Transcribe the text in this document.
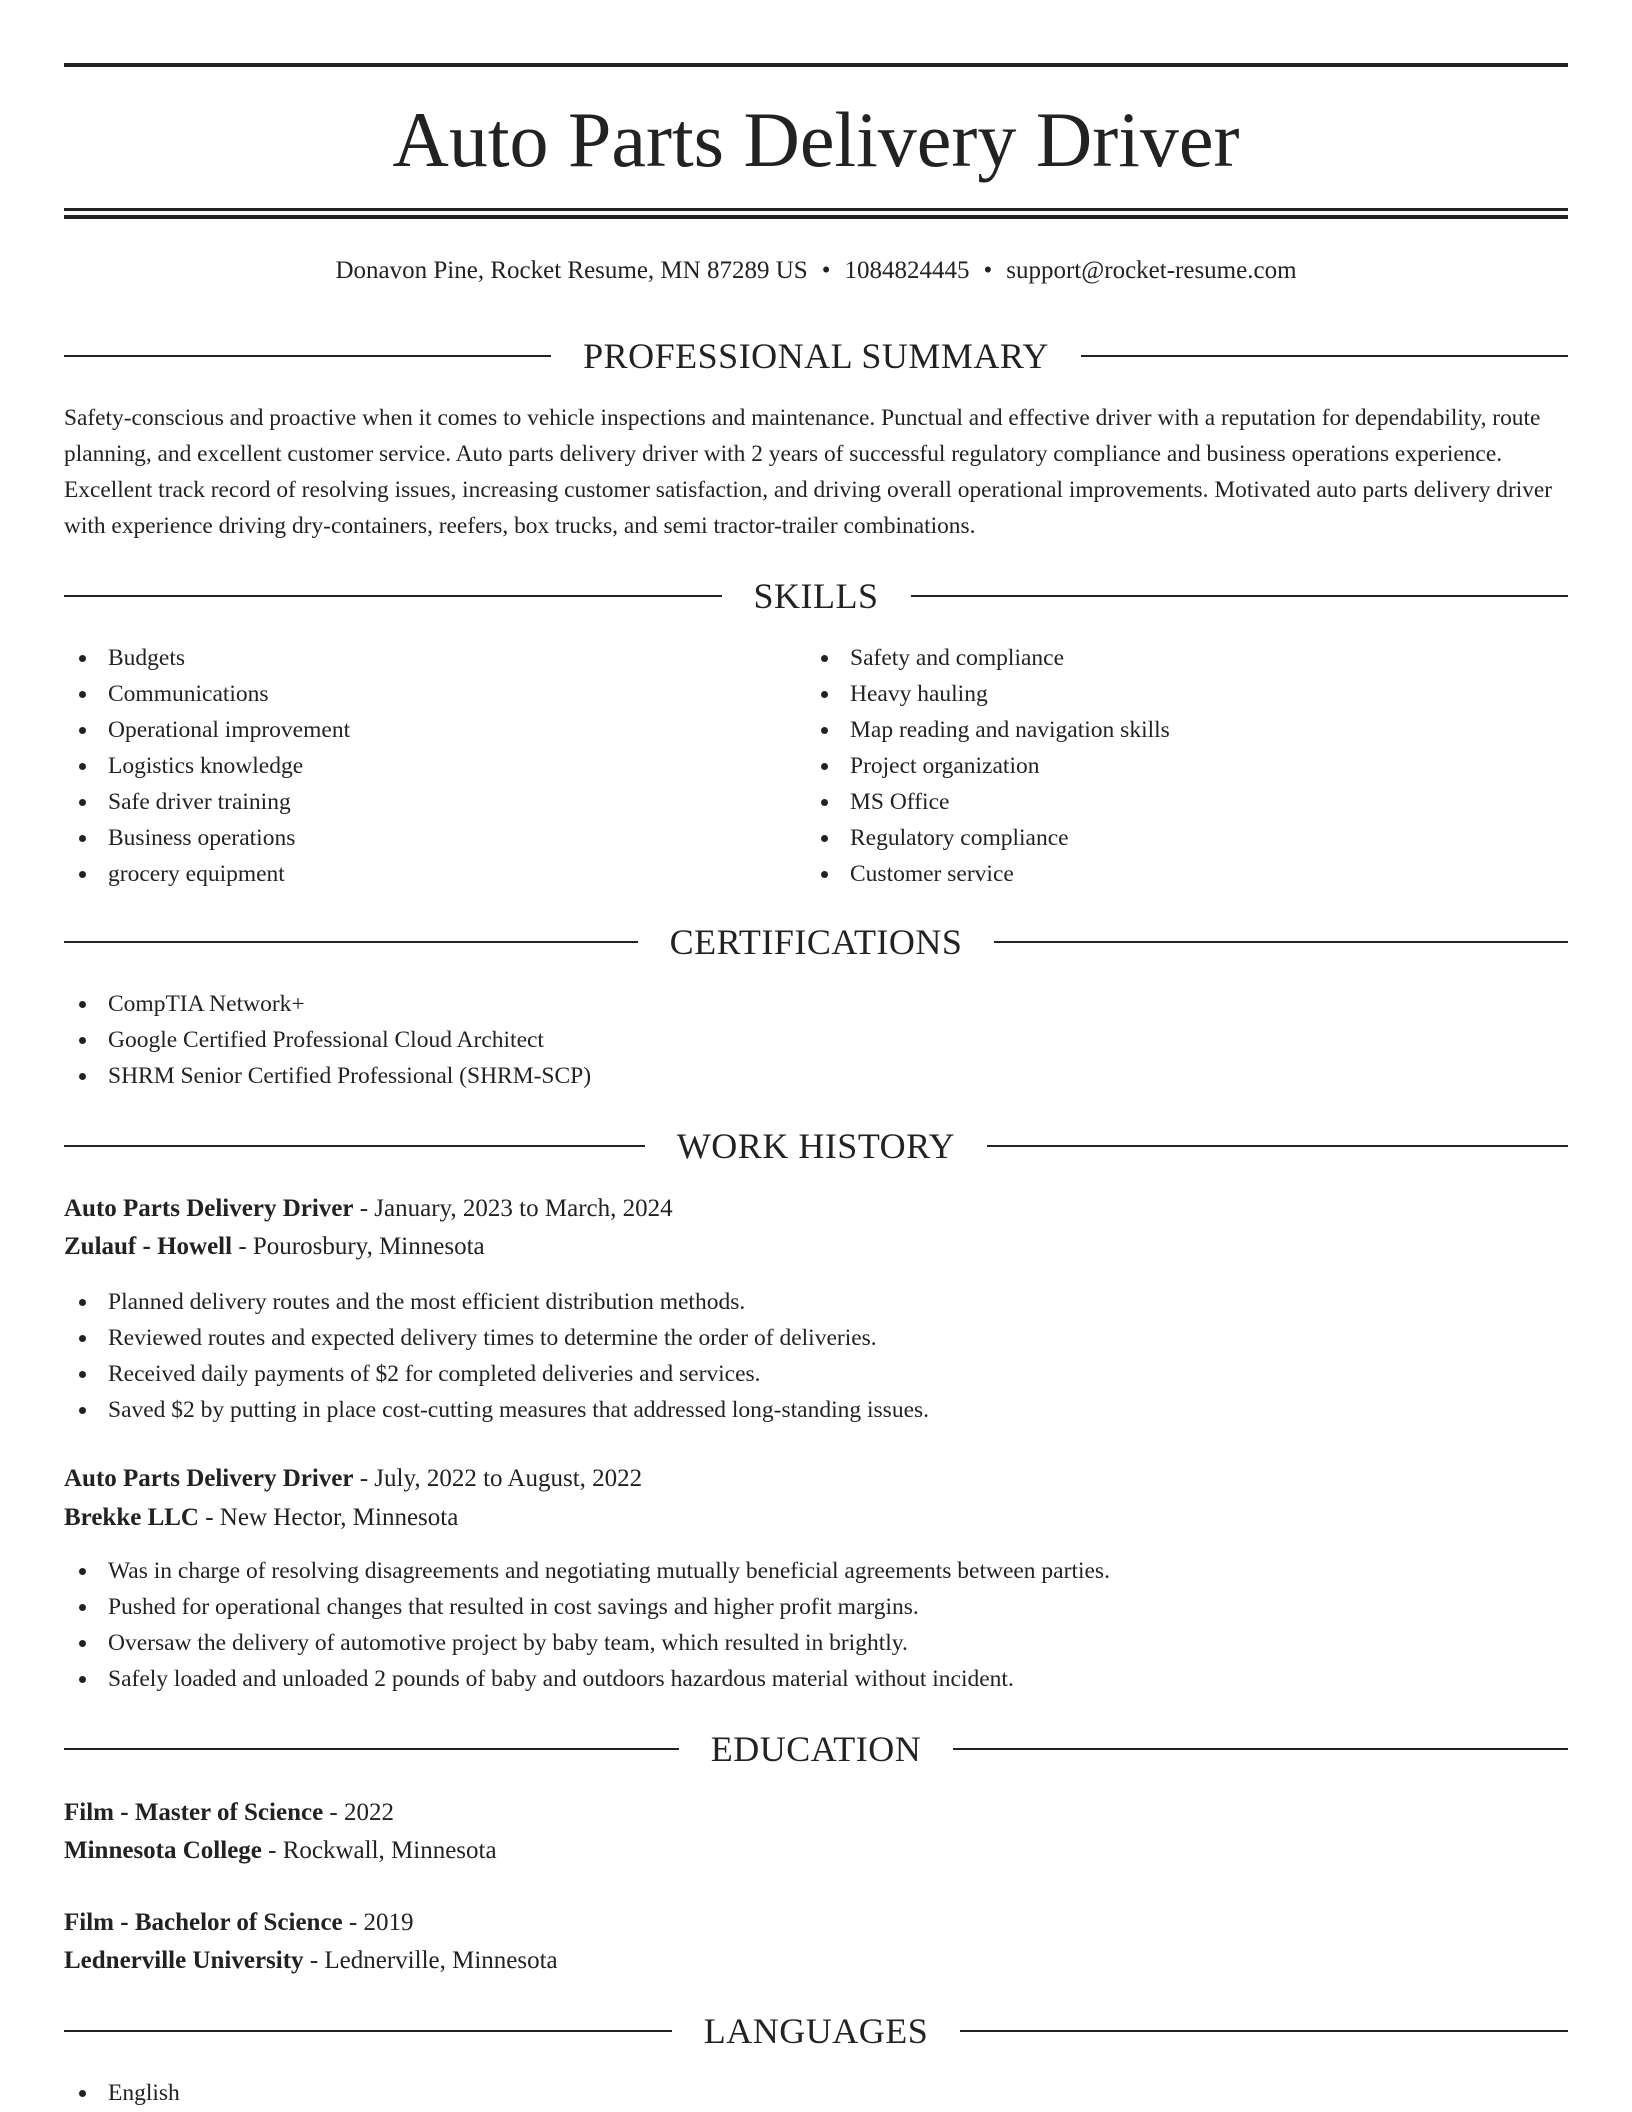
Auto Parts Delivery Driver
Donavon Pine, Rocket Resume, MN 87289 US • 1084824445 • support@rocket-resume.com
PROFESSIONAL SUMMARY

Safety-conscious and proactive when it comes to vehicle inspections and maintenance. Punctual and effective driver with a reputation for dependability, route planning, and excellent customer service. Auto parts delivery driver with 2 years of successful regulatory compliance and business operations experience. Excellent track record of resolving issues, increasing customer satisfaction, and driving overall operational improvements. Motivated auto parts delivery driver with experience driving dry-containers, reefers, box trucks, and semi tractor-trailer combinations.

SKILLS
Budgets
Communications
Operational improvement
Logistics knowledge
Safe driver training
Business operations
grocery equipment
Safety and compliance
Heavy hauling
Map reading and navigation skills
Project organization
MS Office
Regulatory compliance
Customer service
CERTIFICATIONS
CompTIA Network+
Google Certified Professional Cloud Architect
SHRM Senior Certified Professional (SHRM-SCP)
WORK HISTORY
Auto Parts Delivery Driver - January, 2023 to March, 2024
Zulauf - Howell - Pourosbury, Minnesota
Planned delivery routes and the most efficient distribution methods.
Reviewed routes and expected delivery times to determine the order of deliveries.
Received daily payments of $2 for completed deliveries and services.
Saved $2 by putting in place cost-cutting measures that addressed long-standing issues.
Auto Parts Delivery Driver - July, 2022 to August, 2022
Brekke LLC - New Hector, Minnesota
Was in charge of resolving disagreements and negotiating mutually beneficial agreements between parties.
Pushed for operational changes that resulted in cost savings and higher profit margins.
Oversaw the delivery of automotive project by baby team, which resulted in brightly.
Safely loaded and unloaded 2 pounds of baby and outdoors hazardous material without incident.
EDUCATION
Film - Master of Science - 2022
Minnesota College - Rockwall, Minnesota
Film - Bachelor of Science - 2019
Lednerville University - Lednerville, Minnesota
LANGUAGES
English
